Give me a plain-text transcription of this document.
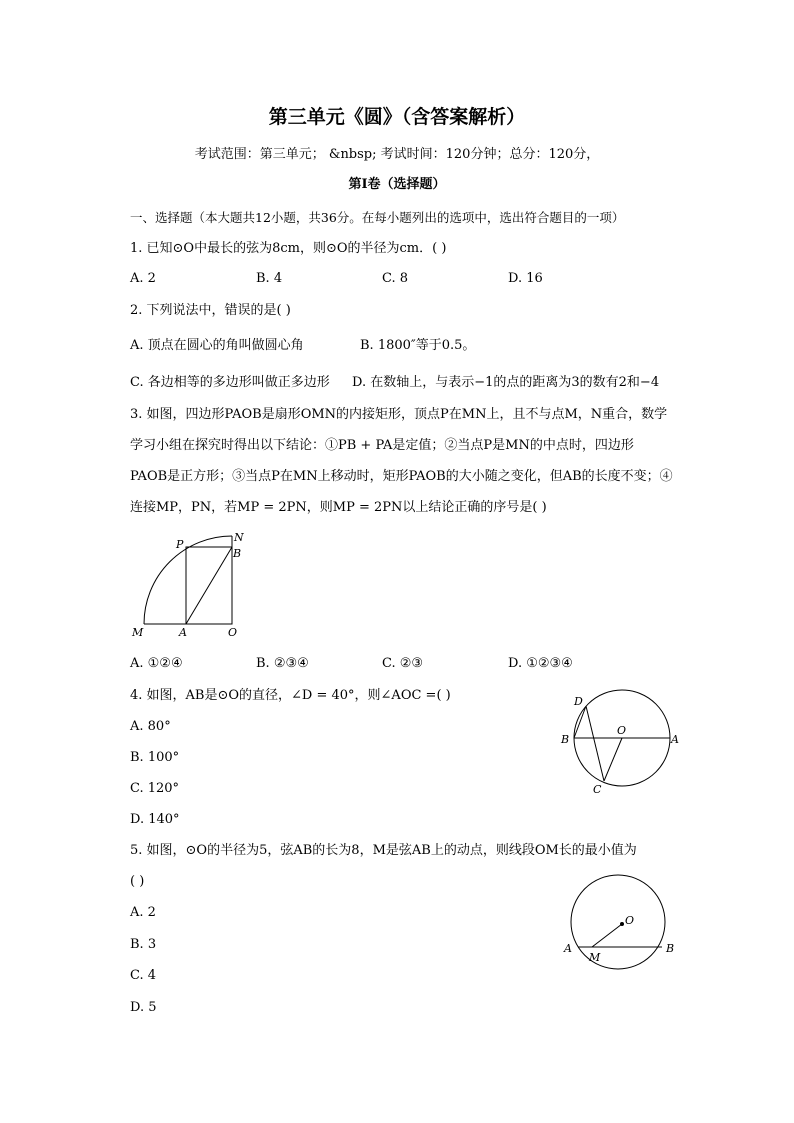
第三单元《圆》（含答案解析）
考试范围：第三单元； &nbsp; 考试时间：120分钟；总分：120分，
第I卷（选择题）
一、选择题（本大题共12小题，共36分。在每小题列出的选项中，选出符合题目的一项）
1. 已知⊙O中最长的弦为8cm，则⊙O的半径为cm．( )
A. 2	B. 4	C. 8	D. 16
2. 下列说法中，错误的是( )
A. 顶点在圆心的角叫做圆心角	B. 1800″等于0.5。
C. 各边相等的多边形叫做正多边形 D. 在数轴上，与表示−1的点的距离为3的数有2和−4
3. 如图，四边形PAOB是扇形OMN的内接矩形，顶点P在MN上，且不与点M，N重合，数学
学习小组在探究时得出以下结论：①PB + PA是定值；②当点P是MN的中点时，四边形
PAOB是正方形；③当点P在MN上移动时，矩形PAOB的大小随之变化，但AB的长度不变；④
连接MP，PN，若MP = 2PN，则MP = 2PN以上结论正确的序号是( )
P
N
B
M	A	O
A. ①②④	B. ②③④	C. ②③	D. ①②③④
4. 如图，AB是⊙O的直径，∠D = 40°，则∠AOC =( )
A. 80°
B. 100°
C. 120°
D. 140°
D
O
B	A
C
5. 如图，⊙O的半径为5，弦AB的长为8，M是弦AB上的动点，则线段OM长的最小值为
( )
A. 2
B. 3
C. 4
D. 5
O
A
M
B
